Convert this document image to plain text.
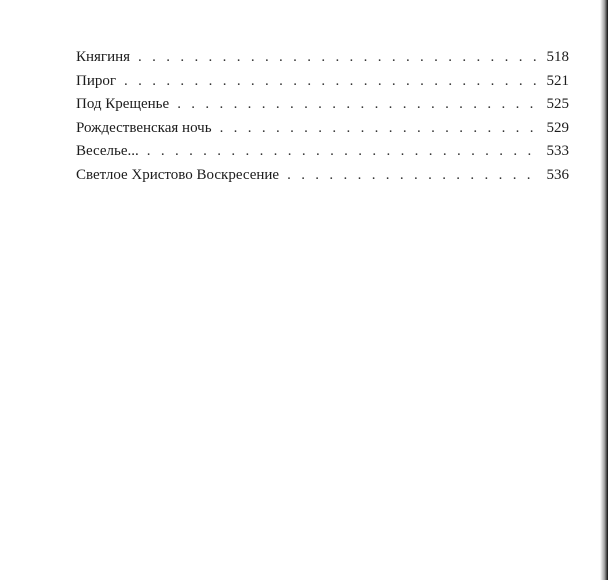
Княгиня . . .	518
Пирог . . .	521
Под Крещенье . . .	525
Рождественская ночь . . .	529
Веселье... . . .	533
Светлое Христово Воскресение . . .	536
